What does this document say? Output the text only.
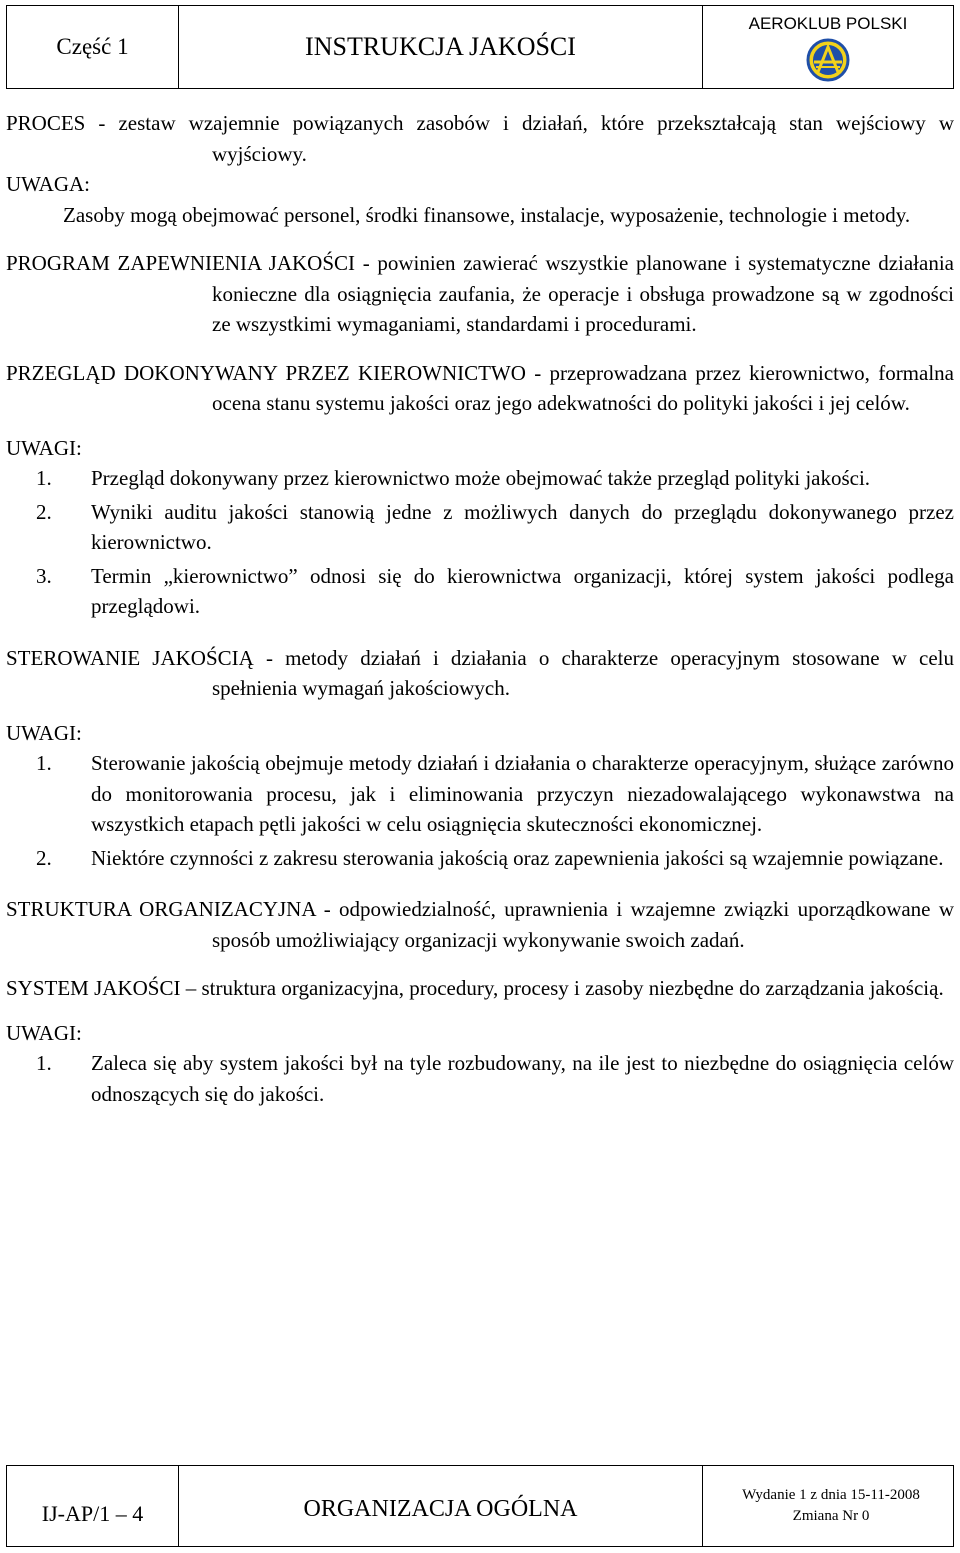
Część 1	INSTRUKCJA JAKOŚCI
AEROKLUB POLSKI

PROCES - zestaw wzajemnie powiązanych zasobów i działań, które przekształcają stan wejściowy w wyjściowy.

UWAGA:

Zasoby mogą obejmować personel, środki finansowe, instalacje, wyposażenie, technologie i metody.

PROGRAM ZAPEWNIENIA JAKOŚCI - powinien zawierać wszystkie planowane i systematyczne działania konieczne dla osiągnięcia zaufania, że operacje i obsługa prowadzone są w zgodności ze wszystkimi wymaganiami, standardami i procedurami.

PRZEGLĄD DOKONYWANY PRZEZ KIEROWNICTWO - przeprowadzana przez kierownictwo, formalna ocena stanu systemu jakości oraz jego adekwatności do polityki jakości i jej celów.

UWAGI:

1. Przegląd dokonywany przez kierownictwo może obejmować także przegląd polityki jakości.
2. Wyniki auditu jakości stanowią jedne z możliwych danych do przeglądu dokonywanego przez kierownictwo.
3. Termin „kierownictwo” odnosi się do kierownictwa organizacji, której system jakości podlega przeglądowi.

STEROWANIE JAKOŚCIĄ - metody działań i działania o charakterze operacyjnym stosowane w celu spełnienia wymagań jakościowych.

UWAGI:

1. Sterowanie jakością obejmuje metody działań i działania o charakterze operacyjnym, służące zarówno do monitorowania procesu, jak i eliminowania przyczyn niezadowalającego wykonawstwa na wszystkich etapach pętli jakości w celu osiągnięcia skuteczności ekonomicznej.
2. Niektóre czynności z zakresu sterowania jakością oraz zapewnienia jakości są wzajemnie powiązane.

STRUKTURA ORGANIZACYJNA - odpowiedzialność, uprawnienia i wzajemne związki uporządkowane w sposób umożliwiający organizacji wykonywanie swoich zadań.

SYSTEM JAKOŚCI – struktura organizacyjna, procedury, procesy i zasoby niezbędne do zarządzania jakością.

UWAGI:

1. Zaleca się aby system jakości był na tyle rozbudowany, na ile jest to niezbędne do osiągnięcia celów odnoszących się do jakości.
IJ-AP/1 – 4	ORGANIZACJA OGÓLNA
Wydanie 1 z dnia 15-11-2008
Zmiana Nr 0
